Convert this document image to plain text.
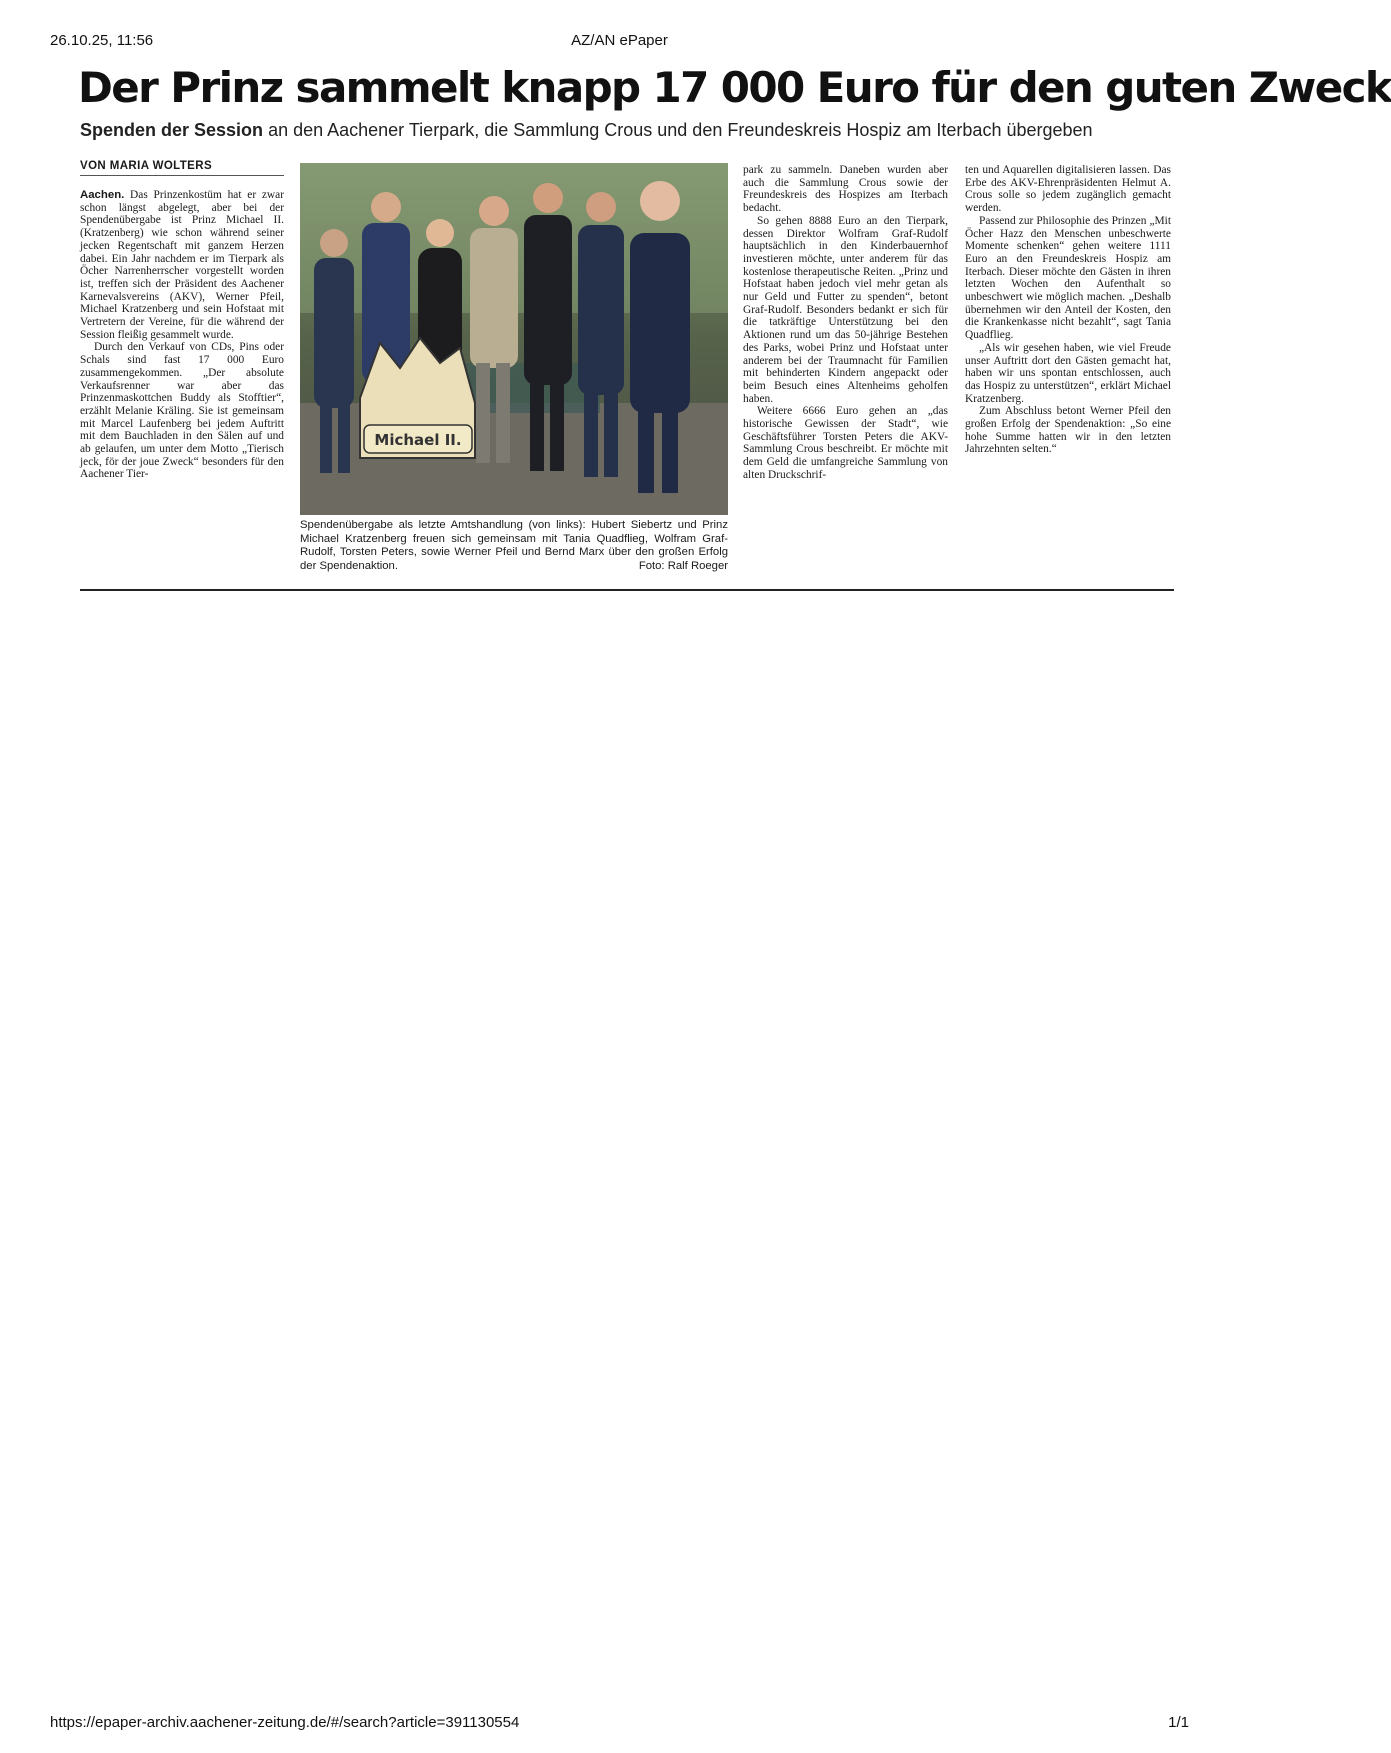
26.10.25, 11:56	AZ/AN ePaper
Der Prinz sammelt knapp 17 000 Euro für den guten Zweck
Spenden der Session an den Aachener Tierpark, die Sammlung Crous und den Freundeskreis Hospiz am Iterbach übergeben
VON MARIA WOLTERS

Aachen. Das Prinzenkostüm hat er zwar schon längst abgelegt, aber bei der Spendenübergabe ist Prinz Michael II. (Kratzenberg) wie schon während seiner jecken Regentschaft mit ganzem Herzen dabei. Ein Jahr nachdem er im Tierpark als Öcher Narrenherrscher vorgestellt worden ist, treffen sich der Präsident des Aachener Karnevalsvereins (AKV), Werner Pfeil, Michael Kratzenberg und sein Hofstaat mit Vertretern der Vereine, für die während der Session fleißig gesammelt wurde.

Durch den Verkauf von CDs, Pins oder Schals sind fast 17 000 Euro zusammengekommen. „Der absolute Verkaufsrenner war aber das Prinzenmaskottchen Buddy als Stofftier“, erzählt Melanie Kräling. Sie ist gemeinsam mit Marcel Laufenberg bei jedem Auftritt mit dem Bauchladen in den Sälen auf und ab gelaufen, um unter dem Motto „Tierisch jeck, för der joue Zweck“ besonders für den Aachener Tier-

Michael II.
Spendenübergabe als letzte Amtshandlung (von links): Hubert Siebertz und Prinz Michael Kratzenberg freuen sich gemeinsam mit Tania Quadflieg, Wolfram Graf-Rudolf, Torsten Peters, sowie Werner Pfeil und Bernd Marx über den großen Erfolg der Spendenaktion.	Foto: Ralf Roeger

park zu sammeln. Daneben wurden aber auch die Sammlung Crous sowie der Freundeskreis des Hospizes am Iterbach bedacht.

So gehen 8888 Euro an den Tierpark, dessen Direktor Wolfram Graf-Rudolf hauptsächlich in den Kinderbauernhof investieren möchte, unter anderem für das kostenlose therapeutische Reiten. „Prinz und Hofstaat haben jedoch viel mehr getan als nur Geld und Futter zu spenden“, betont Graf-Rudolf. Besonders bedankt er sich für die tatkräftige Unterstützung bei den Aktionen rund um das 50-jährige Bestehen des Parks, wobei Prinz und Hofstaat unter anderem bei der Traumnacht für Familien mit behinderten Kindern angepackt oder beim Besuch eines Altenheims geholfen haben.

Weitere 6666 Euro gehen an „das historische Gewissen der Stadt“, wie Geschäftsführer Torsten Peters die AKV-Sammlung Crous beschreibt. Er möchte mit dem Geld die umfangreiche Sammlung von alten Druckschrif-

ten und Aquarellen digitalisieren lassen. Das Erbe des AKV-Ehrenpräsidenten Helmut A. Crous solle so jedem zugänglich gemacht werden.

Passend zur Philosophie des Prinzen „Mit Öcher Hazz den Menschen unbeschwerte Momente schenken“ gehen weitere 1111 Euro an den Freundeskreis Hospiz am Iterbach. Dieser möchte den Gästen in ihren letzten Wochen den Aufenthalt so unbeschwert wie möglich machen. „Deshalb übernehmen wir den Anteil der Kosten, den die Krankenkasse nicht bezahlt“, sagt Tania Quadflieg.

„Als wir gesehen haben, wie viel Freude unser Auftritt dort den Gästen gemacht hat, haben wir uns spontan entschlossen, auch das Hospiz zu unterstützen“, erklärt Michael Kratzenberg.

Zum Abschluss betont Werner Pfeil den großen Erfolg der Spendenaktion: „So eine hohe Summe hatten wir in den letzten Jahrzehnten selten.“

https://epaper-archiv.aachener-zeitung.de/#/search?article=391130554	1/1
